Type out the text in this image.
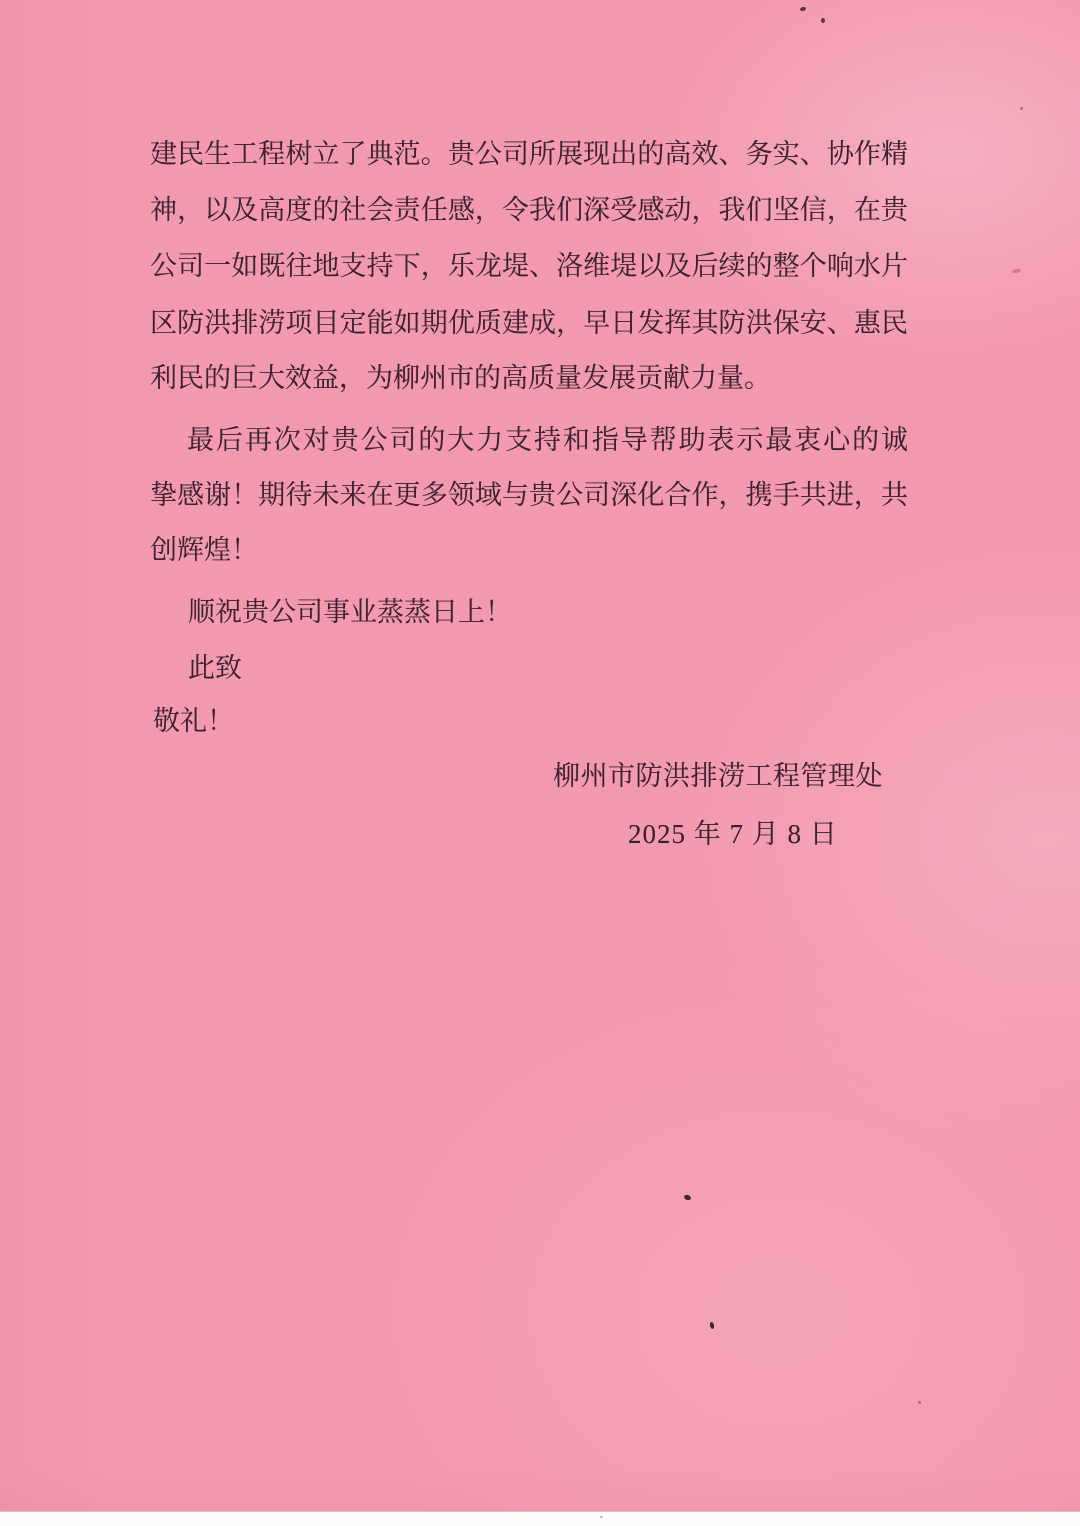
建民生工程树立了典范。贵公司所展现出的高效、务实、协作精
神，以及高度的社会责任感，令我们深受感动，我们坚信，在贵
公司一如既往地支持下，乐龙堤、洛维堤以及后续的整个响水片
区防洪排涝项目定能如期优质建成，早日发挥其防洪保安、惠民
利民的巨大效益，为柳州市的高质量发展贡献力量。
最后再次对贵公司的大力支持和指导帮助表示最衷心的诚
挚感谢！期待未来在更多领域与贵公司深化合作，携手共进，共
创辉煌！
顺祝贵公司事业蒸蒸日上！
此致
敬礼！
柳州市防洪排涝工程管理处
2025 年 7 月 8 日
